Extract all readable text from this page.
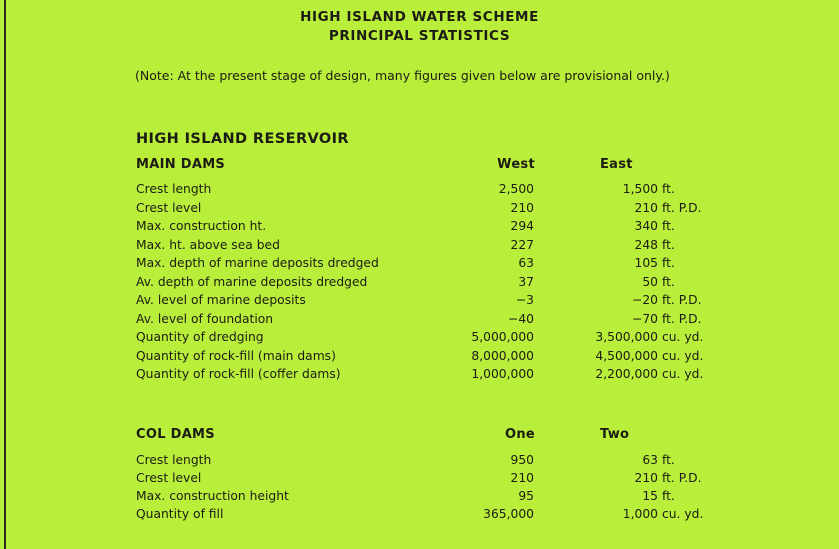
HIGH ISLAND WATER SCHEME
PRINCIPAL STATISTICS
(Note: At the present stage of design, many figures given below are provisional only.)
HIGH ISLAND RESERVOIR
MAIN DAMS	West	East
Crest length	2,500	1,500 ft.
Crest level	210	210 ft. P.D.
Max. construction ht.	294	340 ft.
Max. ht. above sea bed	227	248 ft.
Max. depth of marine deposits dredged	63	105 ft.
Av. depth of marine deposits dredged	37	50 ft.
Av. level of marine deposits	−3	−20 ft. P.D.
Av. level of foundation	−40	−70 ft. P.D.
Quantity of dredging	5,000,000	3,500,000 cu. yd.
Quantity of rock-fill (main dams)	8,000,000	4,500,000 cu. yd.
Quantity of rock-fill (coffer dams)	1,000,000	2,200,000 cu. yd.
COL DAMS	One	Two
Crest length	950	63 ft.
Crest level	210	210 ft. P.D.
Max. construction height	95	15 ft.
Quantity of fill	365,000	1,000 cu. yd.
